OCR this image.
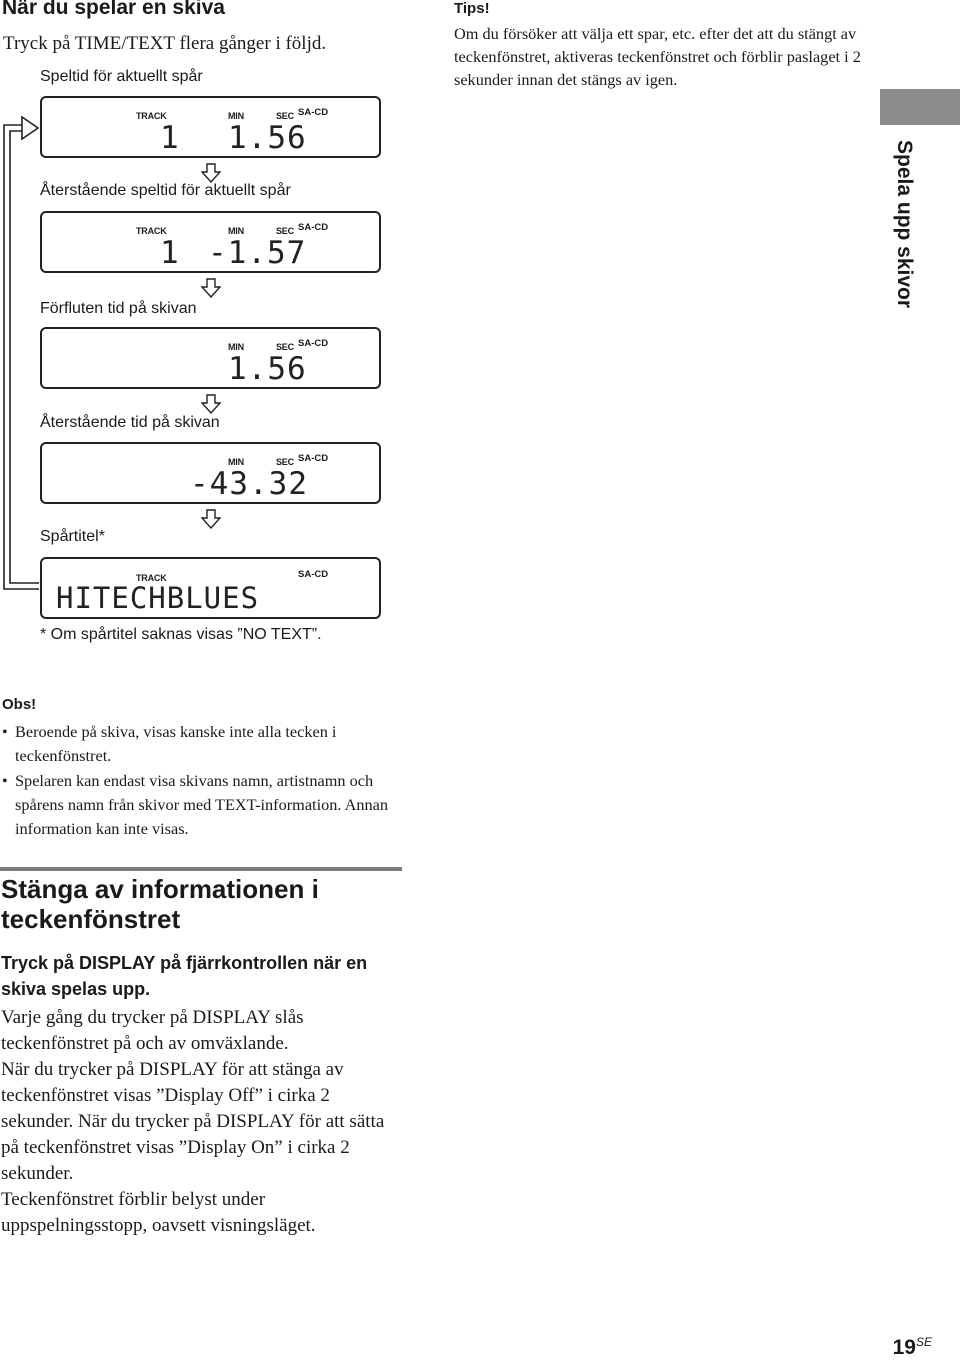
När du spelar en skiva
Tryck på TIME/TEXT flera gånger i följd.
Speltid för aktuellt spår
TRACK	MIN	SEC SA-CD
1 1.56
Återstående speltid för aktuellt spår
TRACK	MIN	SEC SA-CD
1 -1.57
Förfluten tid på skivan
MIN	SEC SA-CD
1.56
Återstående tid på skivan
MIN	SEC SA-CD
-43.32
Spårtitel*
TRACK	SA-CD
HITECHBLUES
* Om spårtitel saknas visas ”NO TEXT”.
Tips!
Om du försöker att välja ett spar, etc. efter det att du stängt av teckenfönstret, aktiveras teckenfönstret och förblir paslaget i 2 sekunder innan det stängs av igen.
Spela upp skivor
Obs!
• Beroende på skiva, visas kanske inte alla tecken i teckenfönstret.
• Spelaren kan endast visa skivans namn, artistnamn och spårens namn från skivor med TEXT-information. Annan information kan inte visas.
Stänga av informationen i teckenfönstret
Tryck på DISPLAY på fjärrkontrollen när en skiva spelas upp.

Varje gång du trycker på DISPLAY slås teckenfönstret på och av omväxlande.

När du trycker på DISPLAY för att stänga av teckenfönstret visas ”Display Off” i cirka 2 sekunder. När du trycker på DISPLAY för att sätta på teckenfönstret visas ”Display On” i cirka 2 sekunder.

Teckenfönstret förblir belyst under uppspelningsstopp, oavsett visningsläget.

$19^{SE}$
